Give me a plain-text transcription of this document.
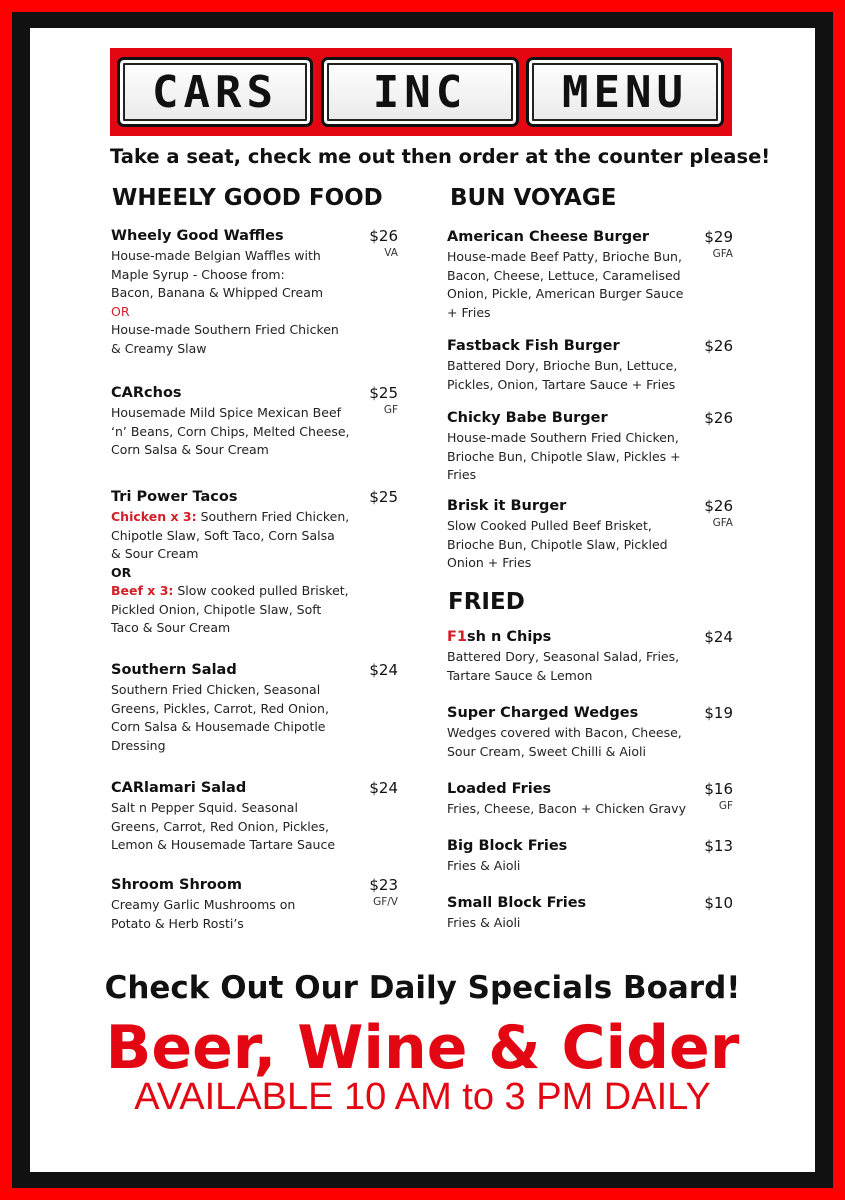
CARS	INC	MENU
Take a seat, check me out then order at the counter please!
WHEELY GOOD FOOD
Wheely Good Waffles	$26
VA
House-made Belgian Waffles with
Maple Syrup - Choose from:
Bacon, Banana & Whipped Cream
OR
House-made Southern Fried Chicken
& Creamy Slaw
CARchos	$25
GF
Housemade Mild Spice Mexican Beef
‘n’ Beans, Corn Chips, Melted Cheese,
Corn Salsa & Sour Cream
Tri Power Tacos	$25
Chicken x 3: Southern Fried Chicken,
Chipotle Slaw, Soft Taco, Corn Salsa
& Sour Cream
OR
Beef x 3: Slow cooked pulled Brisket,
Pickled Onion, Chipotle Slaw, Soft
Taco & Sour Cream
Southern Salad	$24
Southern Fried Chicken, Seasonal
Greens, Pickles, Carrot, Red Onion,
Corn Salsa & Housemade Chipotle
Dressing
CARlamari Salad	$24
Salt n Pepper Squid. Seasonal
Greens, Carrot, Red Onion, Pickles,
Lemon & Housemade Tartare Sauce
Shroom Shroom	$23
GF/V
Creamy Garlic Mushrooms on
Potato & Herb Rosti’s
BUN VOYAGE
American Cheese Burger	$29
GFA
House-made Beef Patty, Brioche Bun,
Bacon, Cheese, Lettuce, Caramelised
Onion, Pickle, American Burger Sauce
+ Fries
Fastback Fish Burger	$26
Battered Dory, Brioche Bun, Lettuce,
Pickles, Onion, Tartare Sauce + Fries
Chicky Babe Burger	$26
House-made Southern Fried Chicken,
Brioche Bun, Chipotle Slaw, Pickles +
Fries
Brisk it Burger	$26
GFA
Slow Cooked Pulled Beef Brisket,
Brioche Bun, Chipotle Slaw, Pickled
Onion + Fries
FRIED
F1sh n Chips	$24
Battered Dory, Seasonal Salad, Fries,
Tartare Sauce & Lemon
Super Charged Wedges	$19
Wedges covered with Bacon, Cheese,
Sour Cream, Sweet Chilli & Aioli
Loaded Fries	$16
GF
Fries, Cheese, Bacon + Chicken Gravy
Big Block Fries	$13
Fries & Aioli
Small Block Fries	$10
Fries & Aioli
Check Out Our Daily Specials Board!
Beer, Wine & Cider
AVAILABLE 10 AM to 3 PM DAILY
